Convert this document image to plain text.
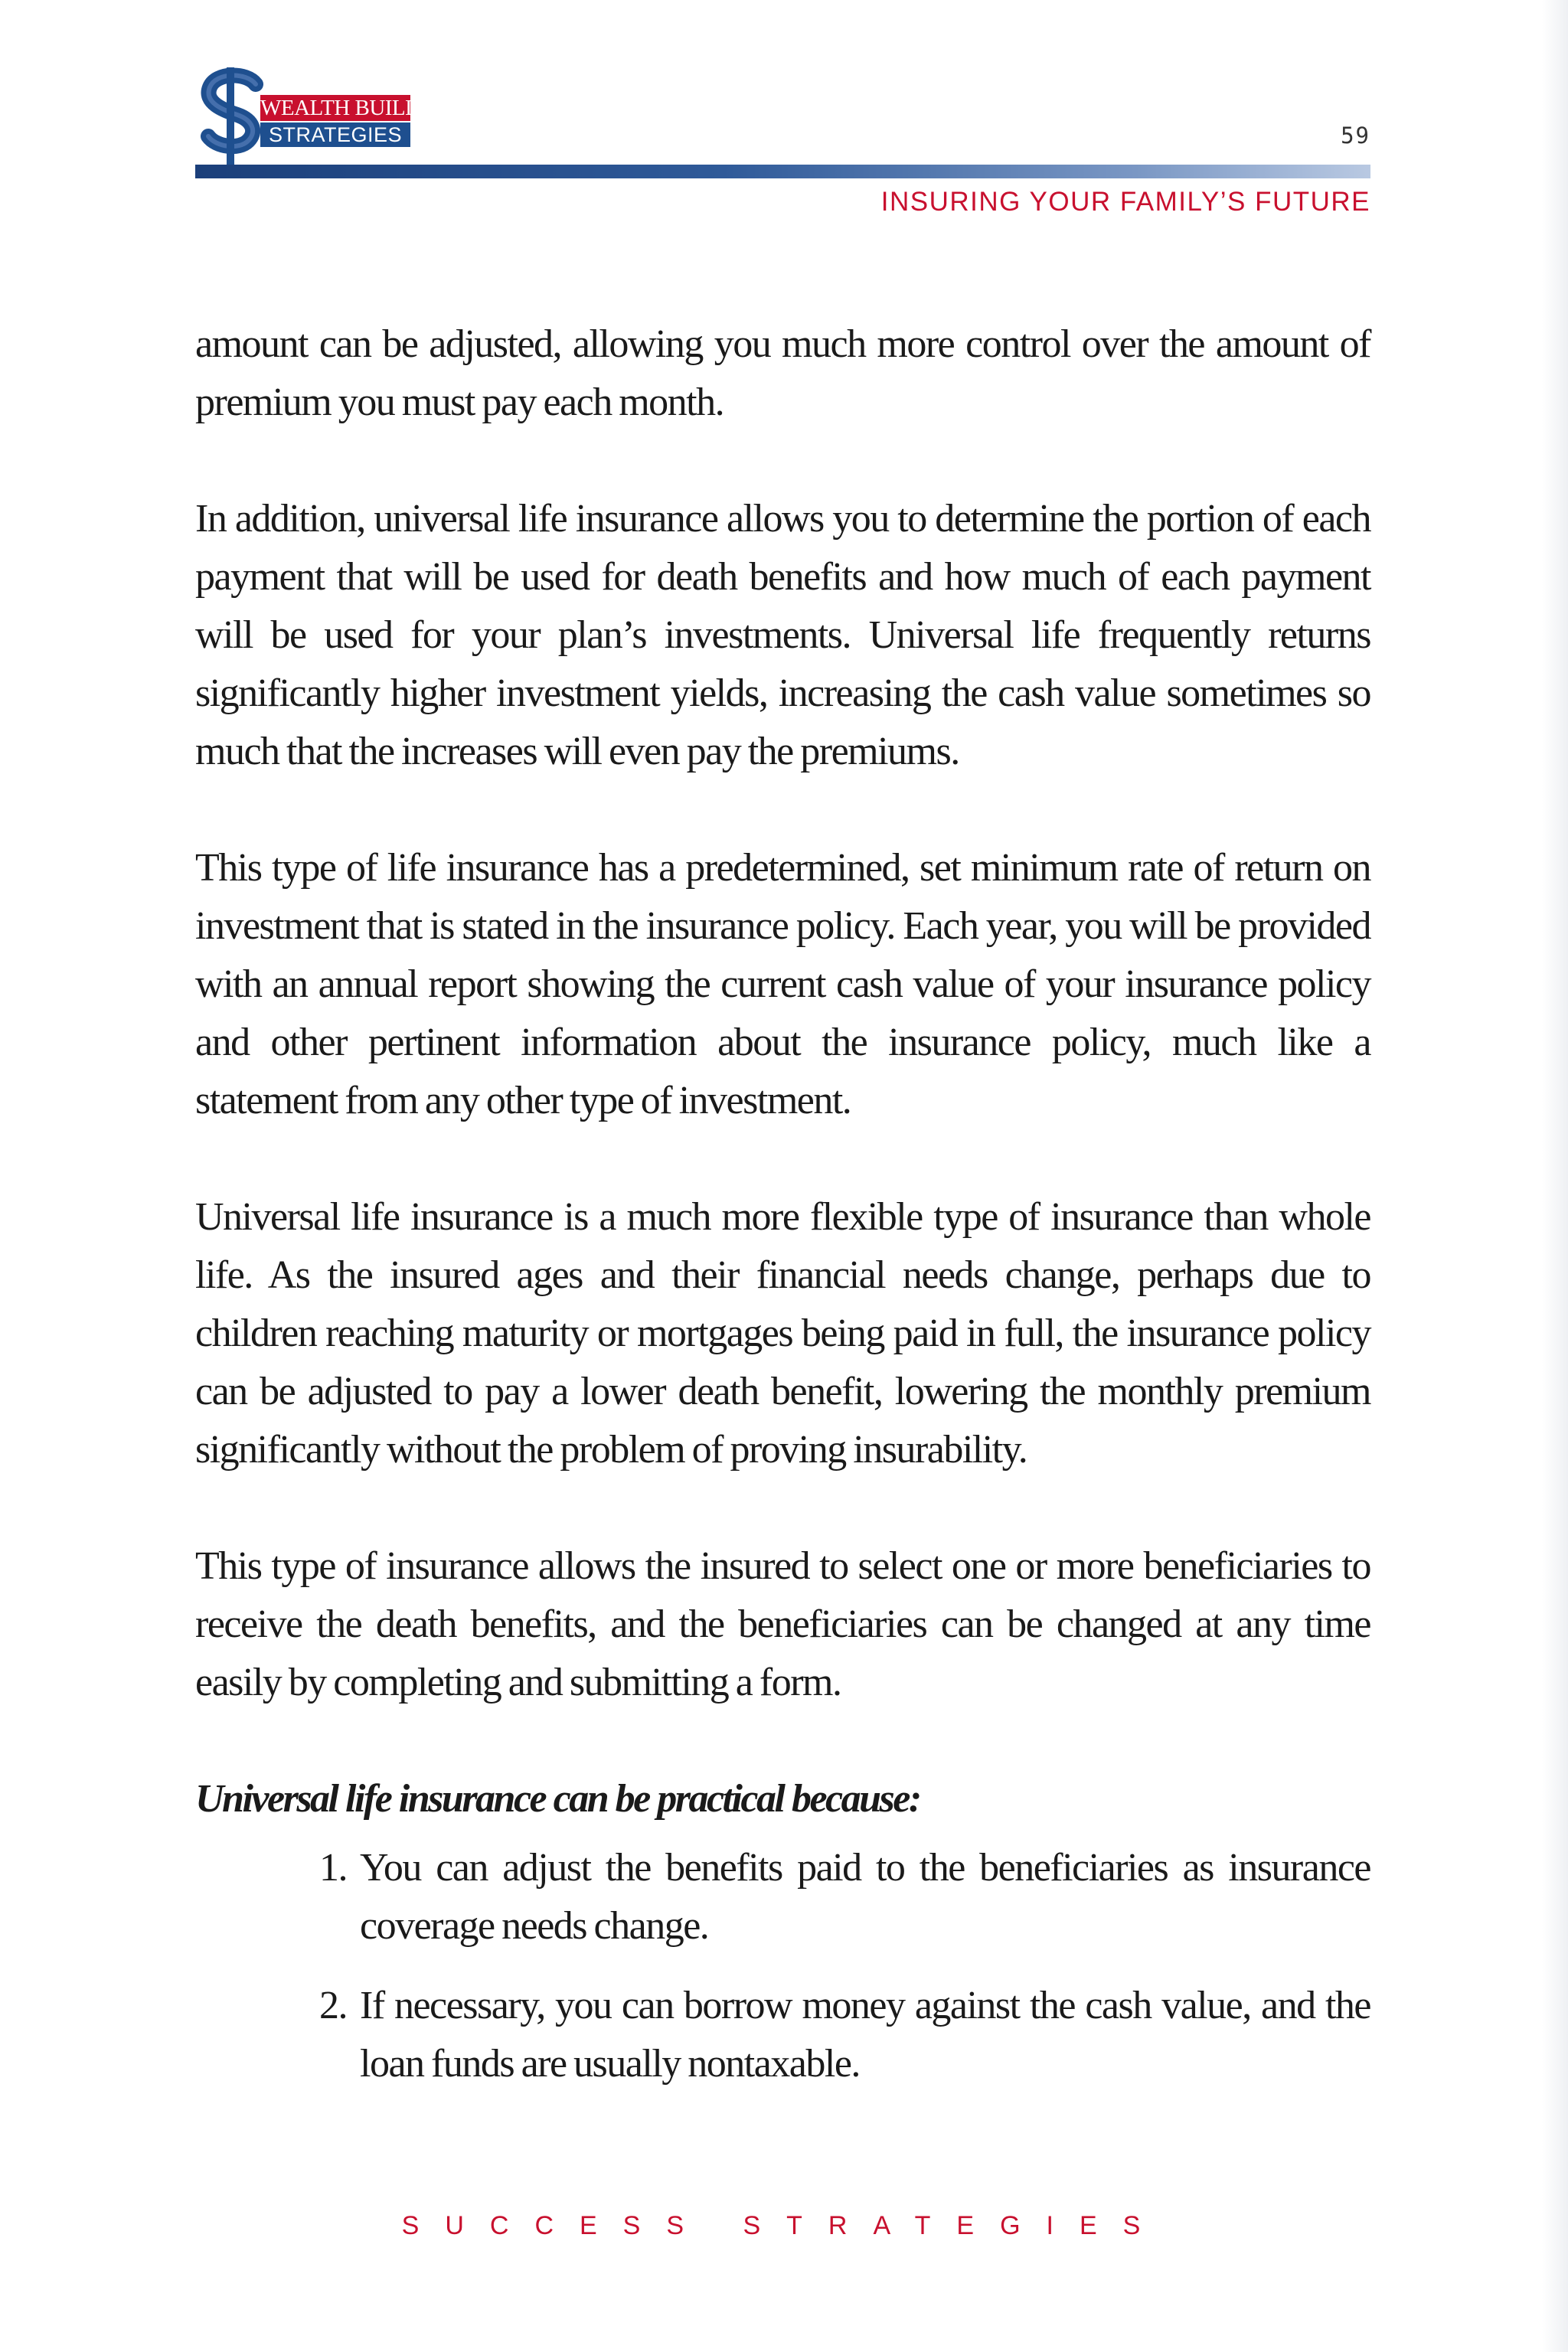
WEALTH BUILDING
STRATEGIES	59
INSURING YOUR FAMILY’S FUTURE

amount can be adjusted, allowing you much more control over the amount of premium you must pay each month.

In addition, universal life insurance allows you to determine the portion of each payment that will be used for death benefits and how much of each payment will be used for your plan’s investments. Universal life frequently returns significantly higher investment yields, increasing the cash value sometimes so much that the increases will even pay the premiums.

This type of life insurance has a predetermined, set minimum rate of return on investment that is stated in the insurance policy. Each year, you will be provided with an annual report showing the current cash value of your insurance policy and other pertinent information about the insurance policy, much like a statement from any other type of investment.

Universal life insurance is a much more flexible type of insurance than whole life. As the insured ages and their financial needs change, perhaps due to children reaching maturity or mortgages being paid in full, the insurance policy can be adjusted to pay a lower death benefit, lowering the monthly premium significantly without the problem of proving insurability.

This type of insurance allows the insured to select one or more beneficiaries to receive the death benefits, and the beneficiaries can be changed at any time easily by completing and submitting a form.

Universal life insurance can be practical because:

1. You can adjust the benefits paid to the beneficiaries as insurance coverage needs change.
2. If necessary, you can borrow money against the cash value, and the loan funds are usually nontaxable.
SUCCESS STRATEGIES
